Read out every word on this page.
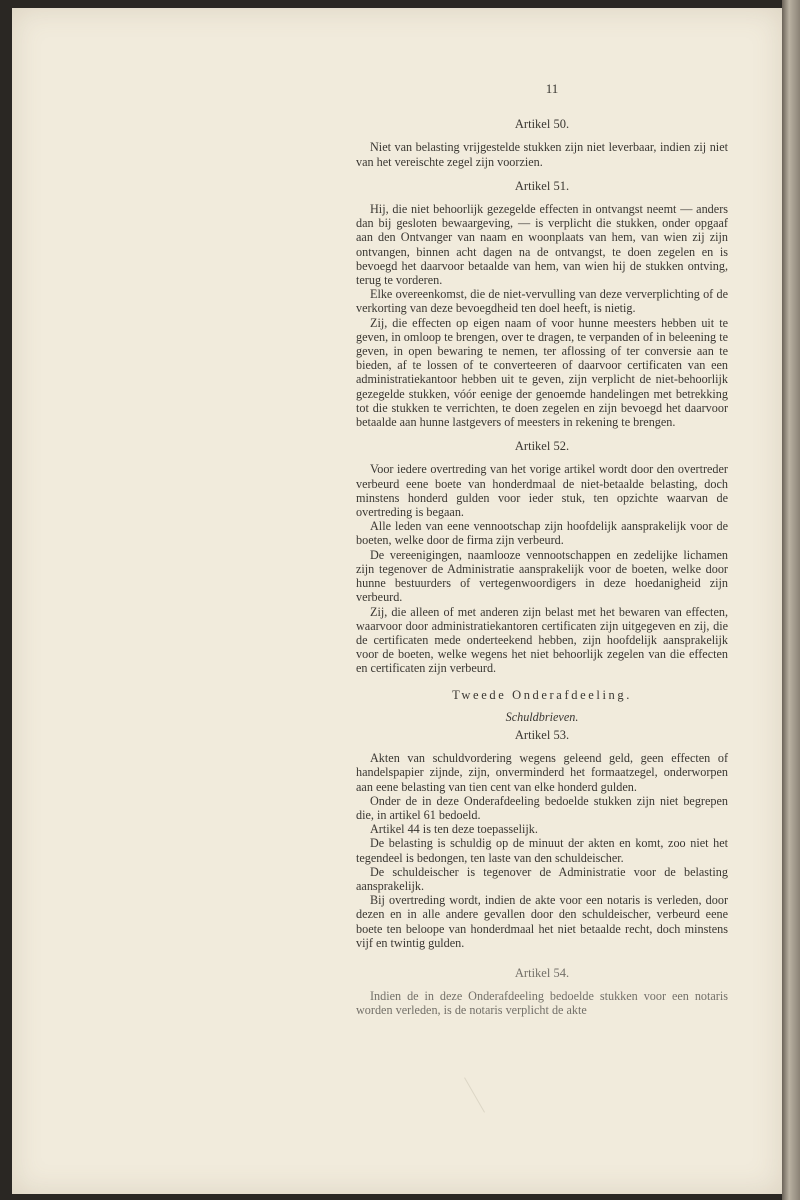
11
Artikel 50.

Niet van belasting vrijgestelde stukken zijn niet leverbaar, indien zij niet van het vereischte zegel zijn voorzien.

Artikel 51.

Hij, die niet behoorlijk gezegelde effecten in ontvangst neemt — anders dan bij gesloten bewaargeving, — is verplicht die stukken, onder opgaaf aan den Ontvanger van naam en woonplaats van hem, van wien zij zijn ontvangen, binnen acht dagen na de ontvangst, te doen zegelen en is bevoegd het daarvoor betaalde van hem, van wien hij de stukken ontving, terug te vorderen.

Elke overeenkomst, die de niet-vervulling van deze ververplichting of de verkorting van deze bevoegdheid ten doel heeft, is nietig.

Zij, die effecten op eigen naam of voor hunne meesters hebben uit te geven, in omloop te brengen, over te dragen, te verpanden of in beleening te geven, in open bewaring te nemen, ter aflossing of ter conversie aan te bieden, af te lossen of te converteeren of daarvoor certificaten van een administratiekantoor hebben uit te geven, zijn verplicht de niet-behoorlijk gezegelde stukken, vóór eenige der genoemde handelingen met betrekking tot die stukken te verrichten, te doen zegelen en zijn bevoegd het daarvoor betaalde aan hunne lastgevers of meesters in rekening te brengen.

Artikel 52.

Voor iedere overtreding van het vorige artikel wordt door den overtreder verbeurd eene boete van honderdmaal de niet-betaalde belasting, doch minstens honderd gulden voor ieder stuk, ten opzichte waarvan de overtreding is begaan.

Alle leden van eene vennootschap zijn hoofdelijk aansprakelijk voor de boeten, welke door de firma zijn verbeurd.

De vereenigingen, naamlooze vennootschappen en zedelijke lichamen zijn tegenover de Administratie aansprakelijk voor de boeten, welke door hunne bestuurders of vertegenwoordigers in deze hoedanigheid zijn verbeurd.

Zij, die alleen of met anderen zijn belast met het bewaren van effecten, waarvoor door administratiekantoren certificaten zijn uitgegeven en zij, die de certificaten mede onderteekend hebben, zijn hoofdelijk aansprakelijk voor de boeten, welke wegens het niet behoorlijk zegelen van die effecten en certificaten zijn verbeurd.

Tweede Onderafdeeling.
Schuldbrieven.
Artikel 53.

Akten van schuldvordering wegens geleend geld, geen effecten of handelspapier zijnde, zijn, onverminderd het formaatzegel, onderworpen aan eene belasting van tien cent van elke honderd gulden.

Onder de in deze Onderafdeeling bedoelde stukken zijn niet begrepen die, in artikel 61 bedoeld.

Artikel 44 is ten deze toepasselijk.

De belasting is schuldig op de minuut der akten en komt, zoo niet het tegendeel is bedongen, ten laste van den schuldeischer.

De schuldeischer is tegenover de Administratie voor de belasting aansprakelijk.

Bij overtreding wordt, indien de akte voor een notaris is verleden, door dezen en in alle andere gevallen door den schuldeischer, verbeurd eene boete ten beloope van honderdmaal het niet betaalde recht, doch minstens vijf en twintig gulden.

Artikel 54.

Indien de in deze Onderafdeeling bedoelde stukken voor een notaris worden verleden, is de notaris verplicht de akte
